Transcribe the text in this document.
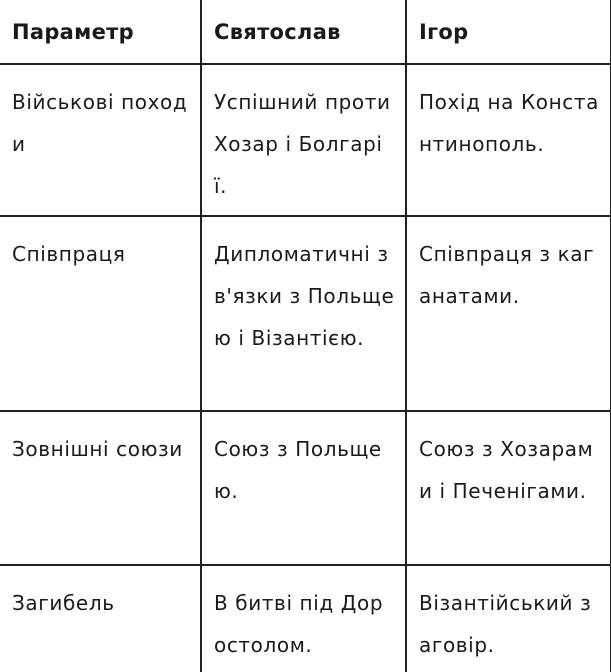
Параметр	Святослав	Ігор
Військові походи	Успішний проти Хозар і Болгарії.	Похід на Константинополь.
Співпраця	Дипломатичні зв'язки з Польщею і Візантією.	Співпраця з каганатами.
Зовнішні союзи	Союз з Польщею.	Союз з Хозарами і Печенігами.
Загибель	В битві під Доростолом.	Візантійський заговір.
